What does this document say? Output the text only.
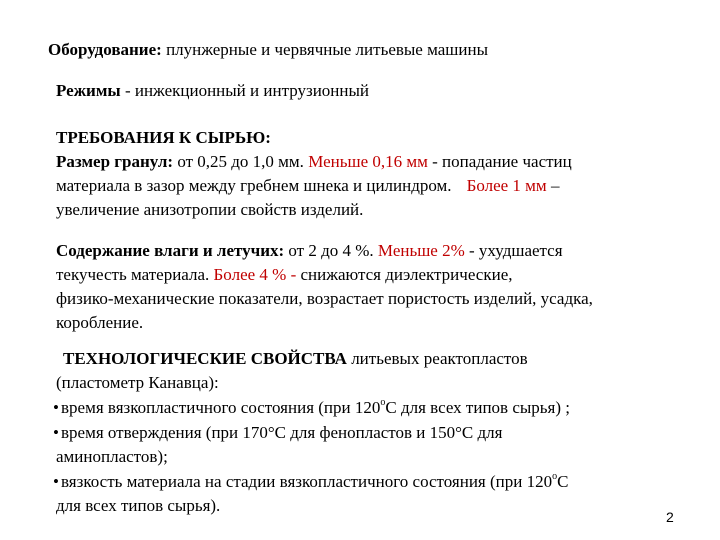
Оборудование: плунжерные и червячные литьевые машины
Режимы - инжекционный и интрузионный
ТРЕБОВАНИЯ К СЫРЬЮ:
Размер гранул: от 0,25 до 1,0 мм. Меньше 0,16 мм - попадание частиц
материала в зазор между гребнем шнека и цилиндром. Более 1 мм –
увеличение анизотропии свойств изделий.
Содержание влаги и летучих: от 2 до 4 %. Меньше 2% - ухудшается
текучесть материала. Более 4 % - снижаются диэлектрические,
физико-механические показатели, возрастает пористость изделий, усадка,
коробление.
ТЕХНОЛОГИЧЕСКИЕ СВОЙСТВА литьевых реактопластов
(пластометр Канавца):
• время вязкопластичного состояния (при $120^оС$ для всех типов сырья) ;
• время отверждения (при 170°С для фенопластов и 150°С для
аминопластов);
• вязкость материала на стадии вязкопластичного состояния (при $120^оС$
для всех типов сырья).
2
